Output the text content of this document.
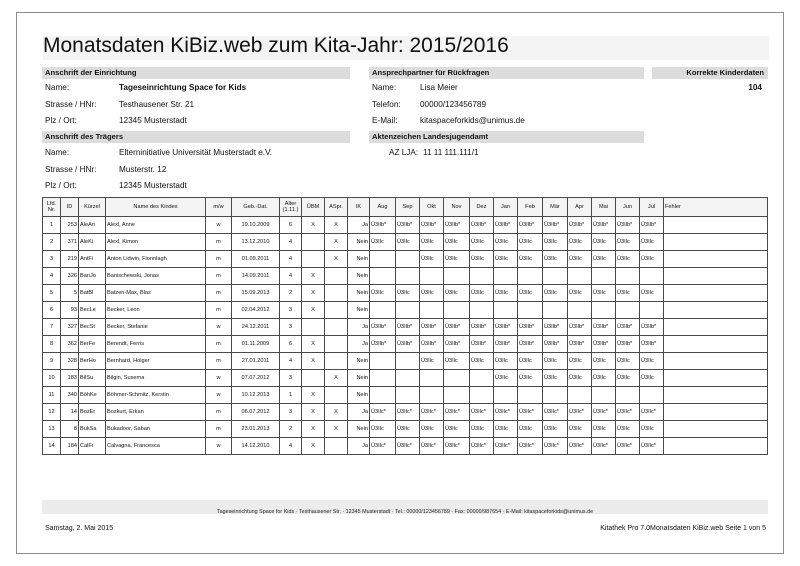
Monatsdaten KiBiz.web zum Kita-Jahr: 2015/2016
Anschrift der Einrichtung
Name:	Tageseinrichtung Space for Kids
Strasse / HNr:	Testhausener Str. 21
Plz / Ort:	12345 Musterstadt
Anschrift des Trägers
Name:	Elterninitiative Universität Musterstadt e.V.
Strasse / HNr:	Musterstr. 12
Plz / Ort:	12345 Musterstadt
Ansprechpartner für Rückfragen
Name:	Lisa Meier
Telefon: 00000/123456789
E-Mail:	kitaspaceforkids@unimus.de
Aktenzeichen Landesjugendamt
AZ LJA: 11 11 111.111/1
Korrekte Kinderdaten
104
Lfd. Nr.	ID	Kürzel	Name des Kindes	m/w	Geb.-Dat.	Alter (1.11.)	ÜBM	ASpr.	IK	Aug	Sep	Okt	Nov	Dez	Jan	Feb	Mär	Apr	Mai	Jun	Jul	Fehler
1	253	AleAn	Alexl, Anne	w	19.10.2009	6	X	X	Ja	Ü3Ilb*	Ü3Ilb*	Ü3Ilb*	Ü3Ilb*	Ü3Ilb*	Ü3Ilb*	Ü3Ilb*	Ü3Ilb*	Ü3Ilb*	Ü3Ilb*	Ü3Ilb*	Ü3Ilb*	
2	371	AleKi	Alexl, Kimon	m	13.12.2010	4		X	Nein	Ü3Ilc	Ü3Ilc	Ü3Ilc	Ü3Ilc	Ü3Ilc	Ü3Ilc	Ü3Ilc	Ü3Ilc	Ü3Ilc	Ü3Ilc	Ü3Ilc	Ü3Ilc	
3	219	AntFi	Anton Lidwin, Fionnlagh	m	01.09.2011	4		X	Nein			Ü3Ilc	Ü3Ilc	Ü3Ilc	Ü3Ilc	Ü3Ilc	Ü3Ilc	Ü3Ilc	Ü3Ilc	Ü3Ilc	Ü3Ilc	
4	326	BanJo	Banischewski, Jonas	m	14.09.2011	4	X		Nein													
5	5	BatBl	Batzen-Max, Blas	m	15.09.2013	2	X		Nein	Ü3Ilc	Ü3Ilc	Ü3Ilc	Ü3Ilc	Ü3Ilc	Ü3Ilc	Ü3Ilc	Ü3Ilc	Ü3Ilc	Ü3Ilc	Ü3Ilc	Ü3Ilc	
6	93	BecLe	Becker, Leon	m	02.04.2012	3	X		Nein													
7	327	BecSt	Becker, Stefanie	w	24.12.2011	3			Ja	Ü3Ilb*	Ü3Ilb*	Ü3Ilb*	Ü3Ilb*	Ü3Ilb*	Ü3Ilb*	Ü3Ilb*	Ü3Ilb*	Ü3Ilb*	Ü3Ilb*	Ü3Ilb*	Ü3Ilb*	
8	362	BerFe	Berendt, Ferris	m	01.11.2009	6	X		Ja	Ü3Ilb*	Ü3Ilb*	Ü3Ilb*	Ü3Ilb*	Ü3Ilb*	Ü3Ilb*	Ü3Ilb*	Ü3Ilb*	Ü3Ilb*	Ü3Ilb*	Ü3Ilb*	Ü3Ilb*	
9	328	BerHo	Bernhard, Holger	m	27.01.2011	4	X		Nein			Ü3Ilc	Ü3Ilc	Ü3Ilc	Ü3Ilc	Ü3Ilc	Ü3Ilc	Ü3Ilc	Ü3Ilc	Ü3Ilc	Ü3Ilc	
10	183	BilSu	Bilgin, Susema	w	07.07.2012	3		X	Nein						Ü3Ilc	Ü3Ilc	Ü3Ilc	Ü3Ilc	Ü3Ilc	Ü3Ilc	Ü3Ilc	
11	340	BöhKe	Böhmer-Schmitz, Kerstin	w	10.12.2013	1	X		Nein													
12	14	BozEr	Bozkurt, Erkan	m	06.07.2012	3	X	X	Ja	Ü3Ilc*	Ü3Ilc*	Ü3Ilc*	Ü3Ilc*	Ü3Ilc*	Ü3Ilc*	Ü3Ilc*	Ü3Ilc*	Ü3Ilc*	Ü3Ilc*	Ü3Ilc*	Ü3Ilc*	
13	8	BukSa	Bukadoor, Saban	m	23.01.2013	2	X	X	Nein	Ü3Ilc	Ü3Ilc	Ü3Ilc	Ü3Ilc	Ü3Ilc	Ü3Ilc	Ü3Ilc	Ü3Ilc	Ü3Ilc	Ü3Ilc	Ü3Ilc	Ü3Ilc	
14	184	CalFr	Calvagna, Francesca	w	14.12.2010	4	X		Ja	Ü3Ilc*	Ü3Ilc*	Ü3Ilc*	Ü3Ilc*	Ü3Ilc*	Ü3Ilc*	Ü3Ilc*	Ü3Ilc*	Ü3Ilc*	Ü3Ilc*	Ü3Ilc*	Ü3Ilc*	
Tageseinrichtung Space for Kids · Testhausener Str. · 12345 Musterstadt · Tel.: 00000/123456789 · Fax: 00000/987654 · E-Mail: kitaspaceforkids@unimus.de
Samstag, 2. Mai 2015	Kitathek Pro 7.0Monatsdaten KiBiz.web Seite 1 von 5
